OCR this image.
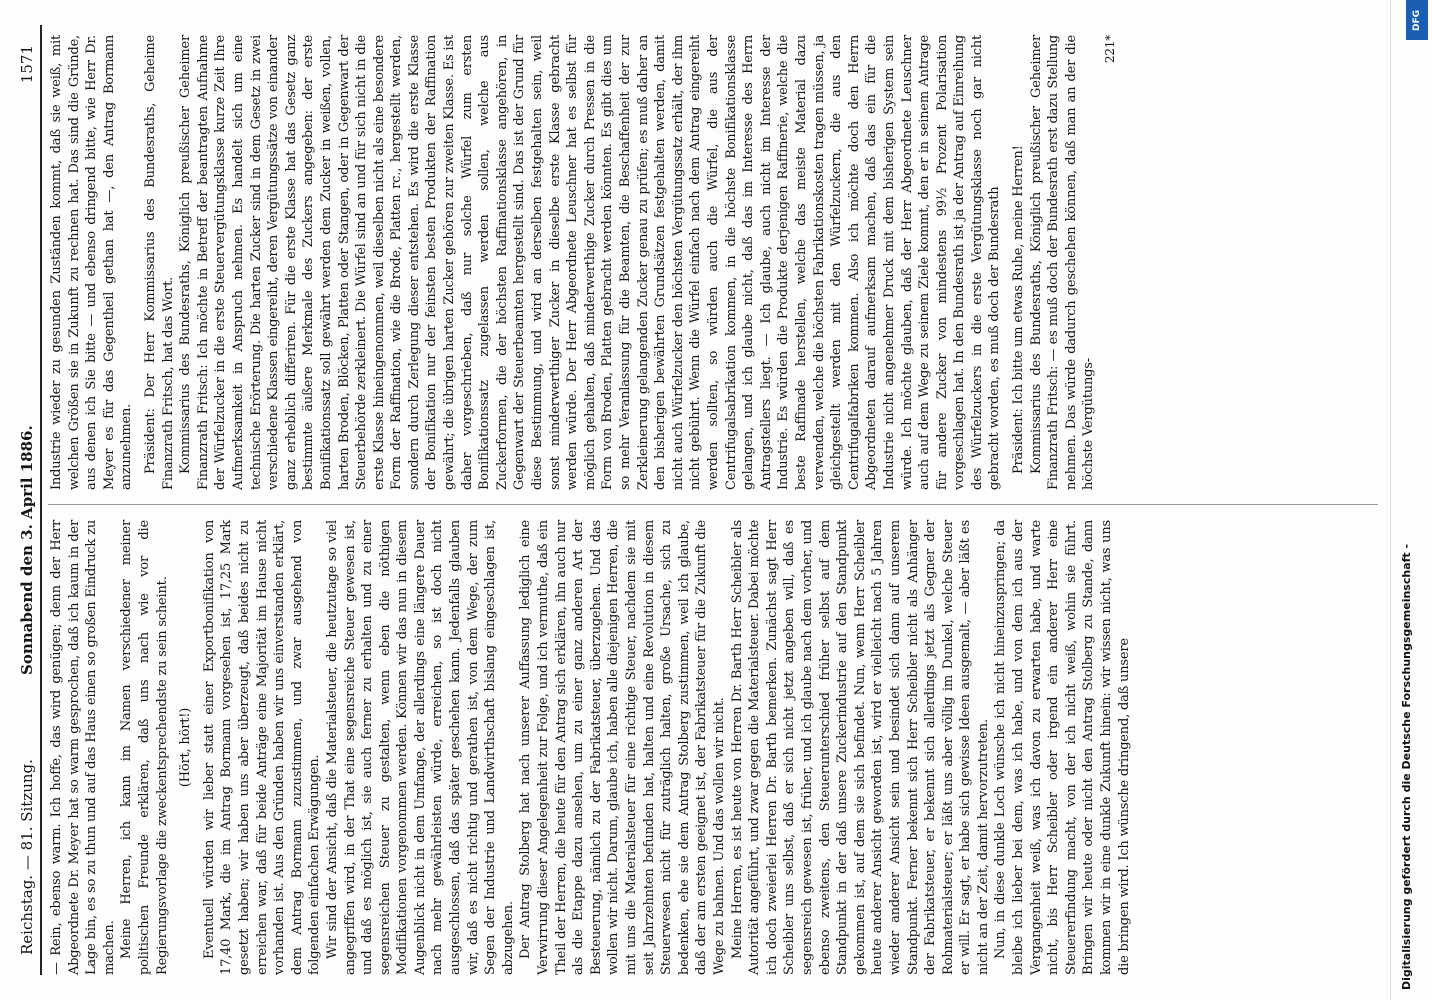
Reichstag. — 81. Sitzung.
Sonnabend den 3. April 1886.
1571

— Rein, ebenso warm. Ich hoffe, das wird genügen; denn der Herr Abgeordnete Dr. Meyer hat so warm gesprochen, daß ich kaum in der Lage bin, es so zu thun und auf das Haus einen so großen Eindruck zu machen. Meine Herren, ich kann im Namen verschiedener meiner politischen Freunde erklären, daß uns nach wie vor die Regierungsvorlage die zweckentsprechendste zu sein scheint. (Hört, hört!) Eventuell würden wir lieber statt einer Exportbonifikation von 17,40 Mark, die im Antrag Bormann vorgesehen ist, 17,25 Mark gesetzt haben; wir haben uns aber überzeugt, daß beides nicht zu erreichen war, daß für beide Anträge eine Majorität im Hause nicht vorhanden ist. Aus den Gründen haben wir uns einverstanden erklärt, dem Antrag Bormann zuzustimmen, und zwar ausgehend von folgenden einfachen Erwägungen. Wir sind der Ansicht, daß die Materialsteuer, die heutzutage so viel angegriffen wird, in der That eine segensreiche Steuer gewesen ist, und daß es möglich ist, sie auch ferner zu erhalten und zu einer segensreichen Steuer zu gestalten, wenn eben die nöthigen Modifikationen vorgenommen werden. Können wir das nun in diesem Augenblick nicht in dem Umfange, der allerdings eine längere Dauer nach mehr gewährleisten würde, erreichen, so ist doch nicht ausgeschlossen, daß das später geschehen kann. Jedenfalls glauben wir, daß es nicht richtig und gerathen ist, von dem Wege, der zum Segen der Industrie und Landwirthschaft bislang eingeschlagen ist, abzugehen. Der Antrag Stolberg hat nach unserer Auffassung lediglich eine Verwirrung dieser Angelegenheit zur Folge, und ich vermuthe, daß ein Theil der Herren, die heute für den Antrag sich erklären, ihn auch nur als die Etappe dazu ansehen, um zu einer ganz anderen Art der Besteuerung, nämlich zu der Fabrikatsteuer, überzugehen. Und das wollen wir nicht. Darum, glaube ich, haben alle diejenigen Herren, die mit uns die Materialsteuer für eine richtige Steuer, nachdem sie mit seit Jahrzehnten befunden hat, halten und eine Revolution in diesem Steuerwesen nicht für zuträglich halten, große Ursache, sich zu bedenken, ehe sie dem Antrag Stolberg zustimmen, weil ich glaube, daß der am ersten geeignet ist, der Fabrikatsteuer für die Zukunft die Wege zu bahnen. Und das wollen wir nicht. Meine Herren, es ist heute von Herren Dr. Barth Herr Scheibler als Autorität angeführt, und zwar gegen die Materialsteuer. Dabei möchte ich doch zweierlei Herren Dr. Barth bemerken. Zunächst sagt Herr Scheibler uns selbst, daß er sich nicht jetzt angeben will, daß es segensreich gewesen ist, früher, und ich glaube nach dem vorher, und ebenso zweitens, den Steuerunterschied früher selbst auf dem Standpunkt in der daß unsere Zuckerindustrie auf den Standpunkt gekommen ist, auf dem sie sich befindet. Nun, wenn Herr Scheibler heute anderer Ansicht geworden ist, wird er vielleicht nach 5 Jahren wieder anderer Ansicht sein und besindet sich dann auf unserem Standpunkt. Ferner bekennt sich Herr Scheibler nicht als Anhänger der Fabrikatsteuer, er bekennt sich allerdings jetzt als Gegner der Rohmaterialsteuer; er läßt uns aber völlig im Dunkel, welche Steuer er will. Er sagt, er habe sich gewisse Ideen ausgemalt, — aber läßt es nicht an der Zeit, damit hervorzutreten. Nun, in diese dunkle Loch wünsche ich nicht hineinzuspringen; da bleibe ich lieber bei dem, was ich habe, und von dem ich aus der Vergangenheit weiß, was ich davon zu erwarten habe, und warte nicht, bis Herr Scheibler oder irgend ein anderer Herr eine Steuererfindung macht, von der ich nicht weiß, wohin sie führt. Bringen wir heute oder nicht den Antrag Stolberg zu Stande, dann kommen wir in eine dunkle Zukunft hinein: wir wissen nicht, was uns die bringen wird. Ich wünsche dringend, daß unsere

Industrie wieder zu gesunden Zuständen kommt, daß sie weiß, mit welchen Größen sie in Zukunft zu rechnen hat. Das sind die Gründe, aus denen ich Sie bitte — und ebenso dringend bitte, wie Herr Dr. Meyer es für das Gegentheil gethan hat —, den Antrag Bormann anzunehmen. Präsident: Der Herr Kommissarius des Bundesraths, Geheime Finanzrath Fritsch, hat das Wort. Kommissarius des Bundesraths, Königlich preußischer Geheimer Finanzrath Fritsch: Ich möchte in Betreff der beantragten Aufnahme der Würfelzucker in die erste Steuervergütungsklasse kurze Zeit Ihre Aufmerksamkeit in Anspruch nehmen. Es handelt sich um eine technische Erörterung. Die harten Zucker sind in dem Gesetz in zwei verschiedene Klassen eingereiht, deren Vergütungssätze von einander ganz erheblich differiren. Für die erste Klasse hat das Gesetz ganz bestimmte äußere Merkmale des Zuckers angegeben: der erste Bonifikationssatz soll gewährt werden dem Zucker in weißen, vollen, harten Broden, Blöcken, Platten oder Stangen, oder in Gegenwart der Steuerbehörde zerkleinert. Die Würfel sind an und für sich nicht in die erste Klasse hineingenommen, weil dieselben nicht als eine besondere Form der Raffination, wie die Brode, Platten rc., hergestellt werden, sondern durch Zerlegung dieser entstehen. Es wird die erste Klasse der Bonifikation nur der feinsten besten Produkten der Raffination gewährt; die übrigen harten Zucker gehören zur zweiten Klasse. Es ist daher vorgeschrieben, daß nur solche Würfel zum ersten Bonifikationssatz zugelassen werden sollen, welche aus Zuckerformen, die der höchsten Raffinationsklasse angehören, in Gegenwart der Steuerbeamten hergestellt sind. Das ist der Grund für diese Bestimmung, und wird an derselben festgehalten sein, weil sonst minderwerthiger Zucker in dieselbe erste Klasse gebracht werden würde. Der Herr Abgeordnete Leuschner hat es selbst für möglich gehalten, daß minderwerthige Zucker durch Pressen in die Form von Broden, Platten gebracht werden könnten. Es gibt dies um so mehr Veranlassung für die Beamten, die Beschaffenheit der zur Zerkleinerung gelangenden Zucker genau zu prüfen; es muß daher an den bisherigen bewährten Grundsätzen festgehalten werden, damit nicht auch Würfelzucker den höchsten Vergütungssatz erhält, der ihm nicht gebührt. Wenn die Würfel einfach nach dem Antrag eingereiht werden sollten, so würden auch die Würfel, die aus der Centrifugalsabrikation kommen, in die höchste Bonifikationsklasse gelangen, und ich glaube nicht, daß das im Interesse des Herrn Antragstellers liegt. — Ich glaube, auch nicht im Interesse der Industrie. Es würden die Produkte derjenigen Raffinerie, welche die beste Raffinade herstellen, welche das meiste Material dazu verwenden, welche die höchsten Fabrikationskosten tragen müssen, ja gleichgestellt werden mit den Würfelzuckern, die aus den Centrifugalfabriken kommen. Also ich möchte doch den Herrn Abgeordneten darauf aufmerksam machen, daß das ein für die Industrie nicht angenehmer Druck mit dem bisherigen System sein würde. Ich möchte glauben, daß der Herr Abgeordnete Leuschner auch auf dem Wege zu seinem Ziele kommt, den er in seinem Antrage für andere Zucker von mindestens 99½ Prozent Polarisation vorgeschlagen hat. In den Bundesrath ist ja der Antrag auf Einreihung des Würfelzuckers in die erste Vergütungsklasse noch gar nicht gebracht worden, es muß doch der Bundesrath Präsident: Ich bitte um etwas Ruhe, meine Herren! Kommissarius des Bundesraths, Königlich preußischer Geheimer Finanzrath Fritsch: — es muß doch der Bundesrath erst dazu Stellung nehmen. Das würde dadurch geschehen können, daß man an der die höchste Vergütungs-

221*
Digitalisierung gefördert durch die Deutsche Forschungsgemeinschaft -
DFG
